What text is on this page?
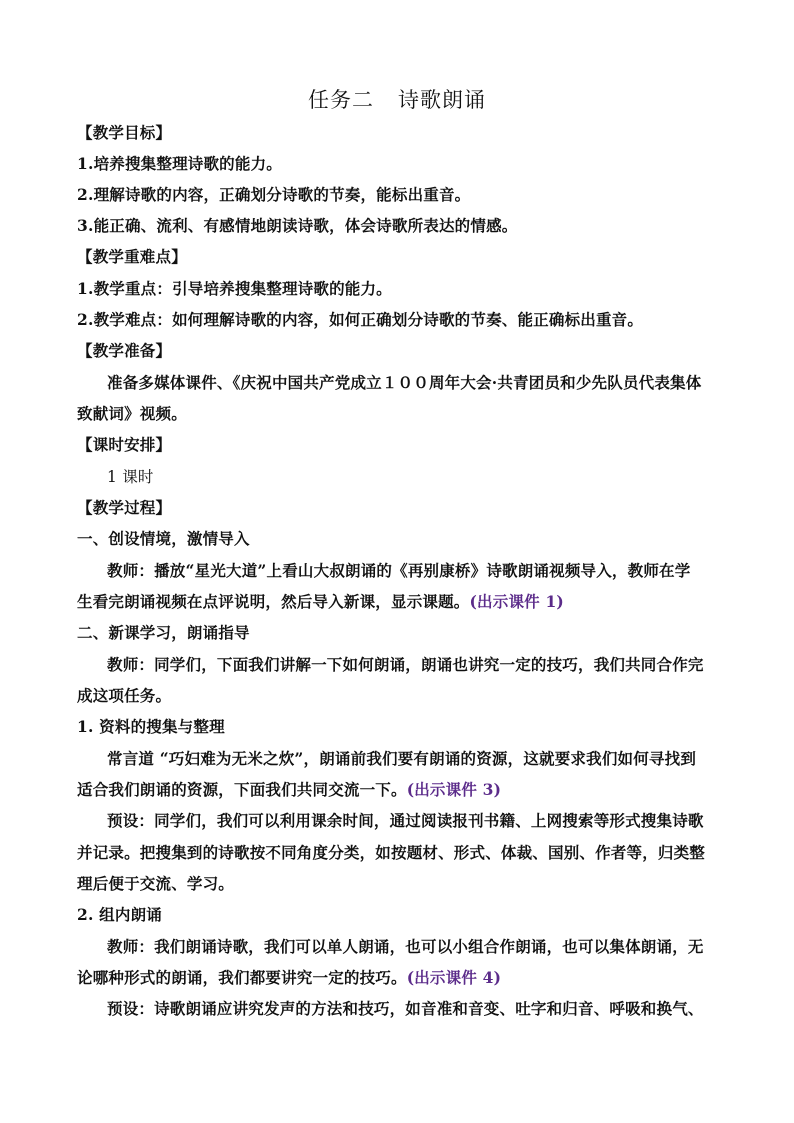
任务二 诗歌朗诵
【教学目标】
1.培养搜集整理诗歌的能力。
2.理解诗歌的内容，正确划分诗歌的节奏，能标出重音。
3.能正确、流利、有感情地朗读诗歌，体会诗歌所表达的情感。
【教学重难点】
1.教学重点：引导培养搜集整理诗歌的能力。
2.教学难点：如何理解诗歌的内容，如何正确划分诗歌的节奏、能正确标出重音。
【教学准备】
准备多媒体课件、《庆祝中国共产党成立１００周年大会·共青团员和少先队员代表集体
致献词》视频。
【课时安排】
1 课时
【教学过程】
一、创设情境，激情导入
教师：播放“星光大道”上看山大叔朗诵的《再别康桥》诗歌朗诵视频导入，教师在学
生看完朗诵视频在点评说明，然后导入新课，显示课题。(出示课件 1)
二、新课学习，朗诵指导
教师：同学们，下面我们讲解一下如何朗诵，朗诵也讲究一定的技巧，我们共同合作完
成这项任务。
1. 资料的搜集与整理
常言道 “巧妇难为无米之炊”，朗诵前我们要有朗诵的资源，这就要求我们如何寻找到
适合我们朗诵的资源，下面我们共同交流一下。(出示课件 3)
预设：同学们，我们可以利用课余时间，通过阅读报刊书籍、上网搜索等形式搜集诗歌
并记录。把搜集到的诗歌按不同角度分类，如按题材、形式、体裁、国别、作者等，归类整
理后便于交流、学习。
2. 组内朗诵
教师：我们朗诵诗歌，我们可以单人朗诵，也可以小组合作朗诵，也可以集体朗诵，无
论哪种形式的朗诵，我们都要讲究一定的技巧。(出示课件 4)
预设：诗歌朗诵应讲究发声的方法和技巧，如音准和音变、吐字和归音、呼吸和换气、
